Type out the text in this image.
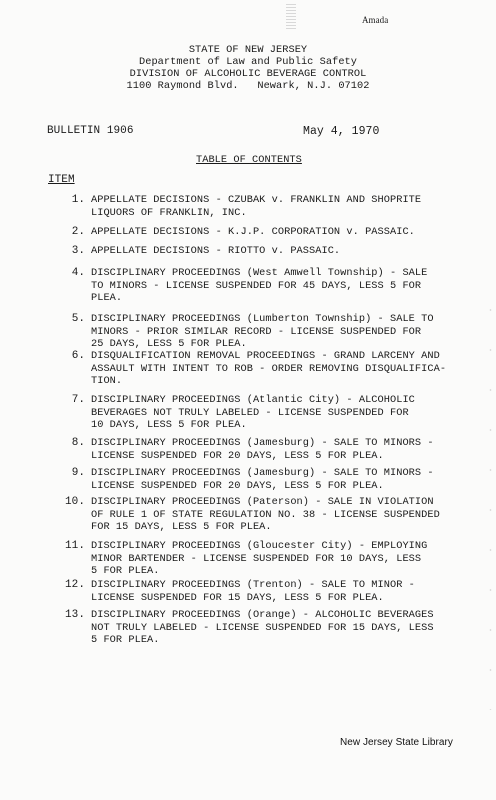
Amada
STATE OF NEW JERSEY
Department of Law and Public Safety
DIVISION OF ALCOHOLIC BEVERAGE CONTROL
1100 Raymond Blvd.   Newark, N.J. 07102
BULLETIN 1906	May 4, 1970
TABLE OF CONTENTS
ITEM
1. APPELLATE DECISIONS - CZUBAK v. FRANKLIN AND SHOPRITE
LIQUORS OF FRANKLIN, INC.
2. APPELLATE DECISIONS - K.J.P. CORPORATION v. PASSAIC.
3. APPELLATE DECISIONS - RIOTTO v. PASSAIC.
4. DISCIPLINARY PROCEEDINGS (West Amwell Township) - SALE
TO MINORS - LICENSE SUSPENDED FOR 45 DAYS, LESS 5 FOR
PLEA.
5. DISCIPLINARY PROCEEDINGS (Lumberton Township) - SALE TO
MINORS - PRIOR SIMILAR RECORD - LICENSE SUSPENDED FOR
25 DAYS, LESS 5 FOR PLEA.
6. DISQUALIFICATION REMOVAL PROCEEDINGS - GRAND LARCENY AND
ASSAULT WITH INTENT TO ROB - ORDER REMOVING DISQUALIFICA-
TION.
7. DISCIPLINARY PROCEEDINGS (Atlantic City) - ALCOHOLIC
BEVERAGES NOT TRULY LABELED - LICENSE SUSPENDED FOR
10 DAYS, LESS 5 FOR PLEA.
8. DISCIPLINARY PROCEEDINGS (Jamesburg) - SALE TO MINORS -
LICENSE SUSPENDED FOR 20 DAYS, LESS 5 FOR PLEA.
9. DISCIPLINARY PROCEEDINGS (Jamesburg) - SALE TO MINORS -
LICENSE SUSPENDED FOR 20 DAYS, LESS 5 FOR PLEA.
10. DISCIPLINARY PROCEEDINGS (Paterson) - SALE IN VIOLATION
OF RULE 1 OF STATE REGULATION NO. 38 - LICENSE SUSPENDED
FOR 15 DAYS, LESS 5 FOR PLEA.
11. DISCIPLINARY PROCEEDINGS (Gloucester City) - EMPLOYING
MINOR BARTENDER - LICENSE SUSPENDED FOR 10 DAYS, LESS
5 FOR PLEA.
12. DISCIPLINARY PROCEEDINGS (Trenton) - SALE TO MINOR -
LICENSE SUSPENDED FOR 15 DAYS, LESS 5 FOR PLEA.
13. DISCIPLINARY PROCEEDINGS (Orange) - ALCOHOLIC BEVERAGES
NOT TRULY LABELED - LICENSE SUSPENDED FOR 15 DAYS, LESS
5 FOR PLEA.
New Jersey State Library
